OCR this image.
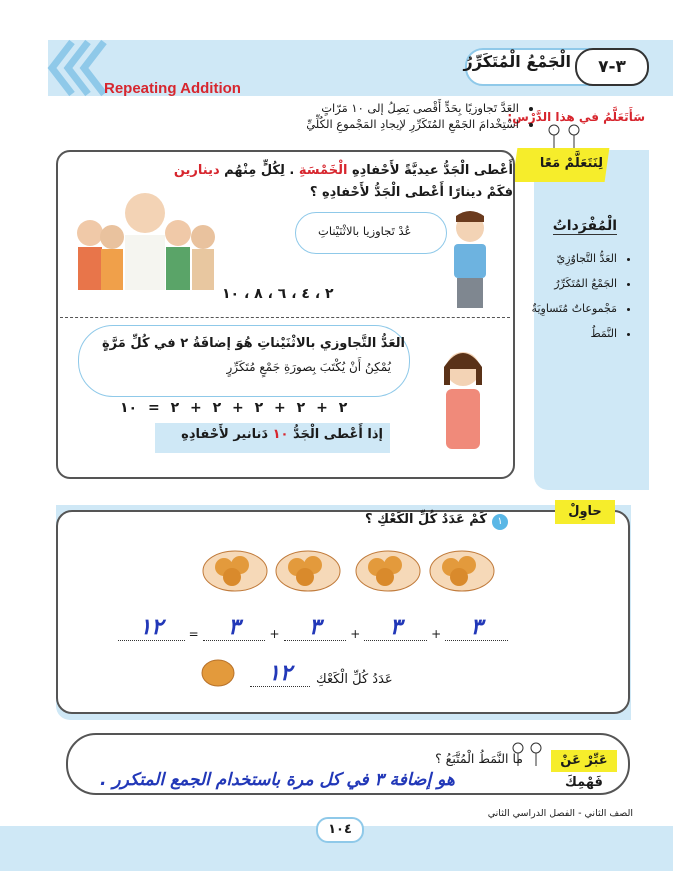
٣-٧
الْجَمْعُ الْمُتَكَرِّرُ
Repeating Addition
سَأَتَعَلَّمُ في هذا الدَّرْسِ:
• العَدَّ تَجاوزيًا بِحَدٍّ أَقْصى يَصِلُ إلى ١٠ مَرّاتٍ
• اسْتِخْدامَ الجَمْعِ المُتَكَرِّرِ لإيجادِ المَجْموعِ الكُلِّيِّ
لِنَتَعَلَّمْ مَعًا
الْمُفْرَداتُ
• العَدُّ التَّجاوُزِيّ
• الجَمْعُ المُتَكَرِّرُ
• مَجْموعاتٌ مُتَساوِيَةٌ
• النَّمَطُ
أَعْطى الْجَدُّ عيديَّةً لأَحْفادِهِ الْخَمْسَةِ . لِكُلٍّ مِنْهُم دينارين
فكَمْ دينارًا أَعْطى الْجَدُّ لأَحْفادِهِ ؟
عُدْ تَجاوزيا بالاثْنَيْناتِ
٢ ، ٤ ، ٦ ، ٨ ، ١٠
العَدُّ التَّجاوزي بالاثْنَيْناتِ هُوَ إضافَةُ ٢ في كُلِّ مَرَّةٍ
يُمْكِنُ أَنْ يُكْتَبَ بِصورَةِ جَمْعٍ مُتَكَرِّرٍ
٢ + ٢ + ٢ + ٢ + ٢ = ١٠
إذا أَعْطى الْجَدُّ ١٠ دَنانير لأَحْفادِهِ
حاوِلْ
١
كَمْ عَدَدُ كُلِّ الكَعْكِ ؟
١٢	=	٣	+	٣	+	٣	+	٣
عَدَدُ كُلِّ الْكَعْكِ
١٢
عَبِّرْ عَنْ فَهْمِكَ
ما النَّمَطُ الْمُتَّبَعُ ؟
هو إضافة ٣ في كل مرة باستخدام الجمع المتكرر .
الصف الثاني - الفصل الدراسي الثاني
١٠٤
